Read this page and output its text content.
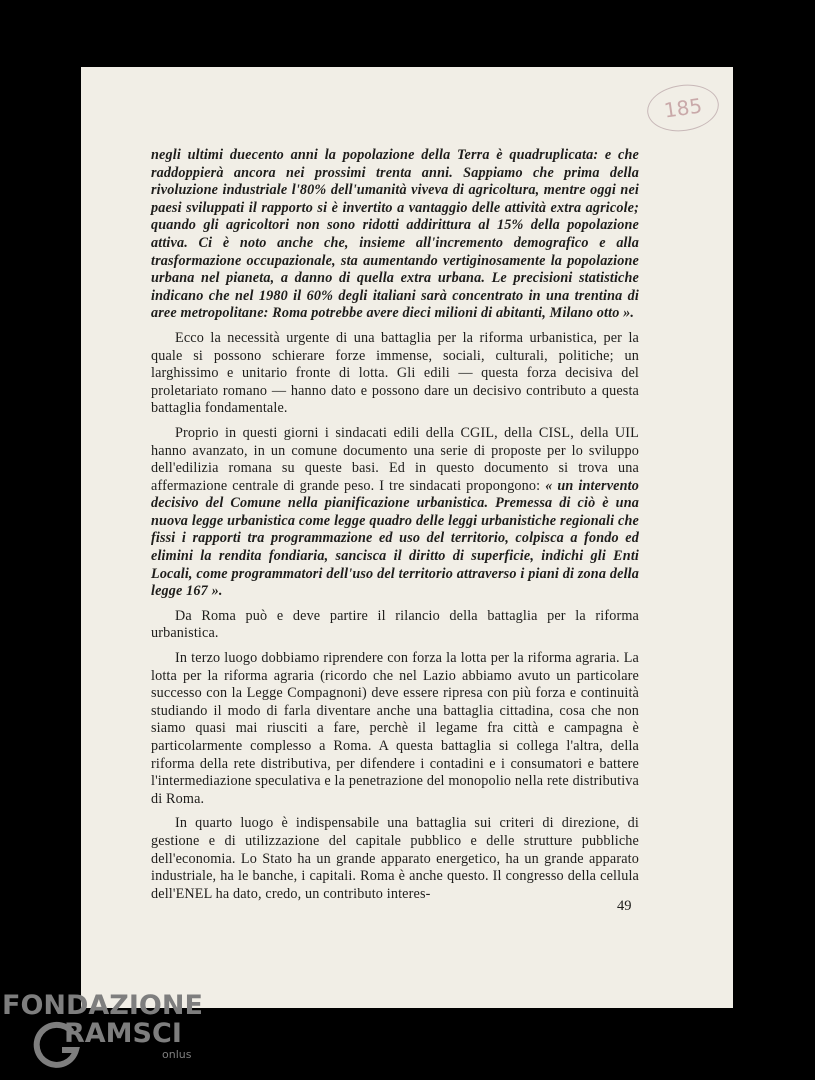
185

negli ultimi duecento anni la popolazione della Terra è quadruplicata: e che raddoppierà ancora nei prossimi trenta anni. Sappiamo che prima della rivoluzione industriale l'80% dell'umanità viveva di agricoltura, mentre oggi nei paesi sviluppati il rapporto si è invertito a vantaggio delle attività extra agricole; quando gli agricoltori non sono ridotti addirittura al 15% della popolazione attiva. Ci è noto anche che, insieme all'incremento demografico e alla trasformazione occupazionale, sta aumentando vertiginosamente la popolazione urbana nel pianeta, a danno di quella extra urbana. Le precisioni statistiche indicano che nel 1980 il 60% degli italiani sarà concentrato in una trentina di aree metropolitane: Roma potrebbe avere dieci milioni di abitanti, Milano otto ».

Ecco la necessità urgente di una battaglia per la riforma urbanistica, per la quale si possono schierare forze immense, sociali, culturali, politiche; un larghissimo e unitario fronte di lotta. Gli edili — questa forza decisiva del proletariato romano — hanno dato e possono dare un decisivo contributo a questa battaglia fondamentale.

Proprio in questi giorni i sindacati edili della CGIL, della CISL, della UIL hanno avanzato, in un comune documento una serie di proposte per lo sviluppo dell'edilizia romana su queste basi. Ed in questo documento si trova una affermazione centrale di grande peso. I tre sindacati propongono: « un intervento decisivo del Comune nella pianificazione urbanistica. Premessa di ciò è una nuova legge urbanistica come legge quadro delle leggi urbanistiche regionali che fissi i rapporti tra programmazione ed uso del territorio, colpisca a fondo ed elimini la rendita fondiaria, sancisca il diritto di superficie, indichi gli Enti Locali, come programmatori dell'uso del territorio attraverso i piani di zona della legge 167 ».

Da Roma può e deve partire il rilancio della battaglia per la riforma urbanistica.

In terzo luogo dobbiamo riprendere con forza la lotta per la riforma agraria. La lotta per la riforma agraria (ricordo che nel Lazio abbiamo avuto un particolare successo con la Legge Compagnoni) deve essere ripresa con più forza e continuità studiando il modo di farla diventare anche una battaglia cittadina, cosa che non siamo quasi mai riusciti a fare, perchè il legame fra città e campagna è particolarmente complesso a Roma. A questa battaglia si collega l'altra, della riforma della rete distributiva, per difendere i contadini e i consumatori e battere l'intermediazione speculativa e la penetrazione del monopolio nella rete distributiva di Roma.

In quarto luogo è indispensabile una battaglia sui criteri di direzione, di gestione e di utilizzazione del capitale pubblico e delle strutture pubbliche dell'economia. Lo Stato ha un grande apparato energetico, ha un grande apparato industriale, ha le banche, i capitali. Roma è anche questo. Il congresso della cellula dell'ENEL ha dato, credo, un contributo interes-

49
FONDAZIONE
RAMSCI
onlus
